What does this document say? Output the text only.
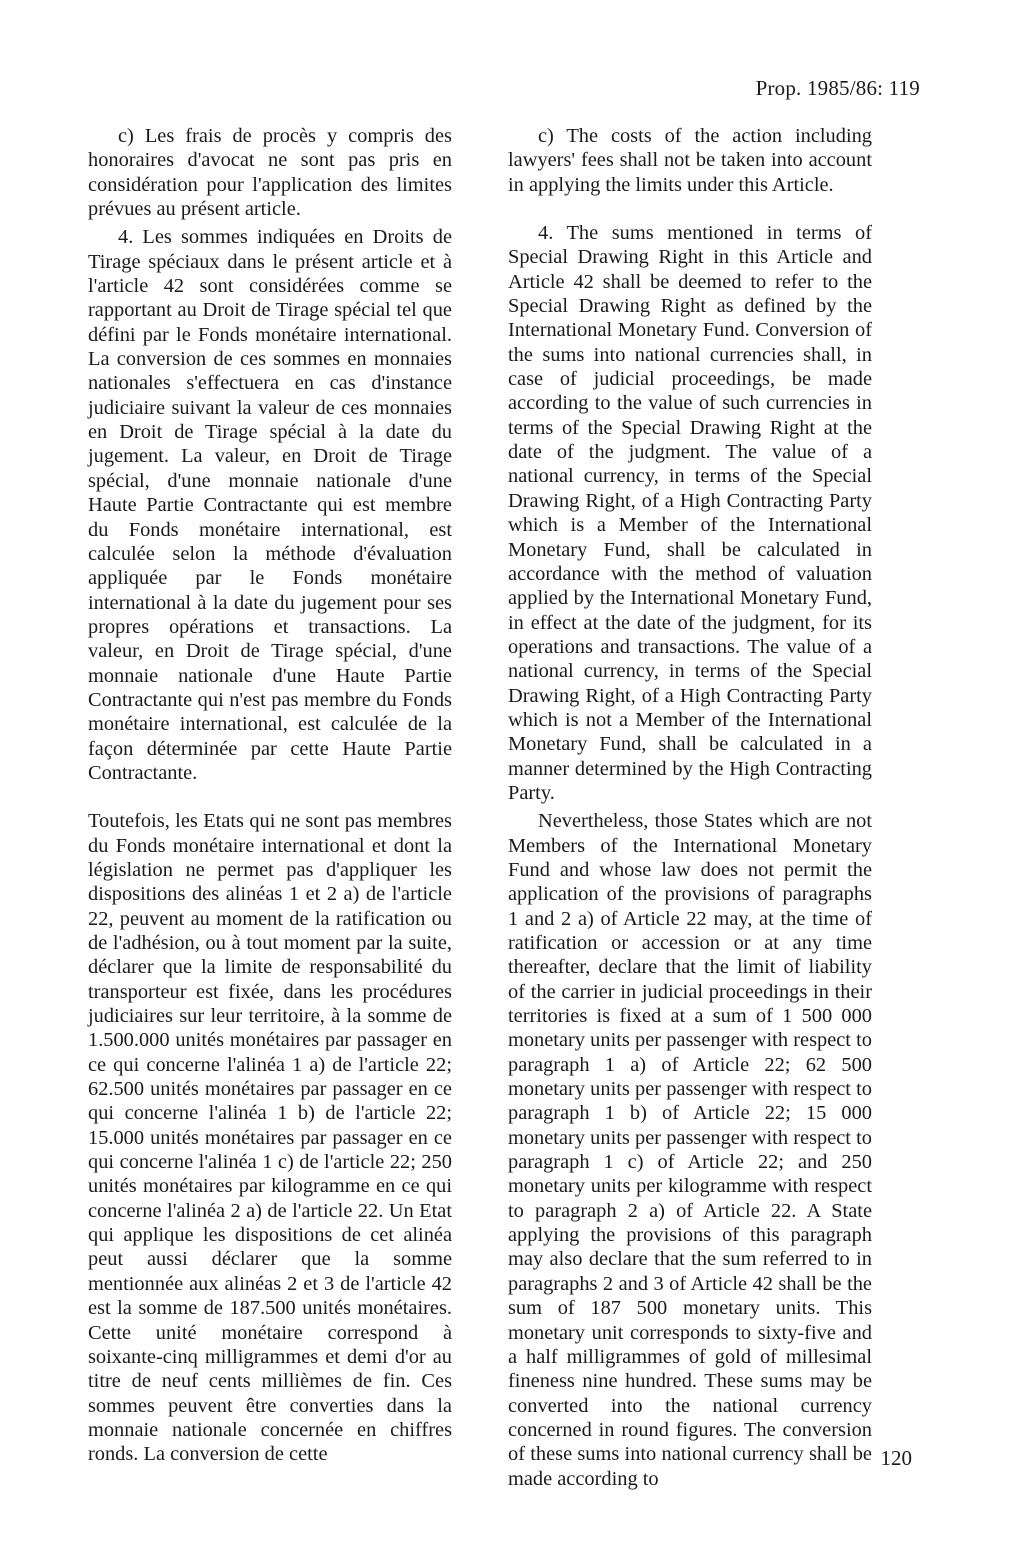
Prop. 1985/86: 119

c) Les frais de procès y compris des honoraires d'avocat ne sont pas pris en considération pour l'application des limites prévues au présent article.

4. Les sommes indiquées en Droits de Tirage spéciaux dans le présent article et à l'article 42 sont considérées comme se rapportant au Droit de Tirage spécial tel que défini par le Fonds monétaire international. La conversion de ces sommes en monnaies nationales s'effectuera en cas d'instance judiciaire suivant la valeur de ces monnaies en Droit de Tirage spécial à la date du jugement. La valeur, en Droit de Tirage spécial, d'une monnaie nationale d'une Haute Partie Contractante qui est membre du Fonds monétaire international, est calculée selon la méthode d'évaluation appliquée par le Fonds monétaire international à la date du jugement pour ses propres opérations et transactions. La valeur, en Droit de Tirage spécial, d'une monnaie nationale d'une Haute Partie Contractante qui n'est pas membre du Fonds monétaire international, est calculée de la façon déterminée par cette Haute Partie Contractante.

Toutefois, les Etats qui ne sont pas membres du Fonds monétaire international et dont la législation ne permet pas d'appliquer les dispositions des alinéas 1 et 2 a) de l'article 22, peuvent au moment de la ratification ou de l'adhésion, ou à tout moment par la suite, déclarer que la limite de responsabilité du transporteur est fixée, dans les procédures judiciaires sur leur territoire, à la somme de 1.500.000 unités monétaires par passager en ce qui concerne l'alinéa 1 a) de l'article 22; 62.500 unités monétaires par passager en ce qui concerne l'alinéa 1 b) de l'article 22; 15.000 unités monétaires par passager en ce qui concerne l'alinéa 1 c) de l'article 22; 250 unités monétaires par kilogramme en ce qui concerne l'alinéa 2 a) de l'article 22. Un Etat qui applique les dispositions de cet alinéa peut aussi déclarer que la somme mentionnée aux alinéas 2 et 3 de l'article 42 est la somme de 187.500 unités monétaires. Cette unité monétaire correspond à soixante-cinq milligrammes et demi d'or au titre de neuf cents millièmes de fin. Ces sommes peuvent être converties dans la monnaie nationale concernée en chiffres ronds. La conversion de cette

c) The costs of the action including lawyers' fees shall not be taken into account in applying the limits under this Article.

4. The sums mentioned in terms of Special Drawing Right in this Article and Article 42 shall be deemed to refer to the Special Drawing Right as defined by the International Monetary Fund. Conversion of the sums into national currencies shall, in case of judicial proceedings, be made according to the value of such currencies in terms of the Special Drawing Right at the date of the judgment. The value of a national currency, in terms of the Special Drawing Right, of a High Contracting Party which is a Member of the International Monetary Fund, shall be calculated in accordance with the method of valuation applied by the International Monetary Fund, in effect at the date of the judgment, for its operations and transactions. The value of a national currency, in terms of the Special Drawing Right, of a High Contracting Party which is not a Member of the International Monetary Fund, shall be calculated in a manner determined by the High Contracting Party.

Nevertheless, those States which are not Members of the International Monetary Fund and whose law does not permit the application of the provisions of paragraphs 1 and 2 a) of Article 22 may, at the time of ratification or accession or at any time thereafter, declare that the limit of liability of the carrier in judicial proceedings in their territories is fixed at a sum of 1 500 000 monetary units per passenger with respect to paragraph 1 a) of Article 22; 62 500 monetary units per passenger with respect to paragraph 1 b) of Article 22; 15 000 monetary units per passenger with respect to paragraph 1 c) of Article 22; and 250 monetary units per kilogramme with respect to paragraph 2 a) of Article 22. A State applying the provisions of this paragraph may also declare that the sum referred to in paragraphs 2 and 3 of Article 42 shall be the sum of 187 500 monetary units. This monetary unit corresponds to sixty-five and a half milligrammes of gold of millesimal fineness nine hundred. These sums may be converted into the national currency concerned in round figures. The conversion of these sums into national currency shall be made according to

120
